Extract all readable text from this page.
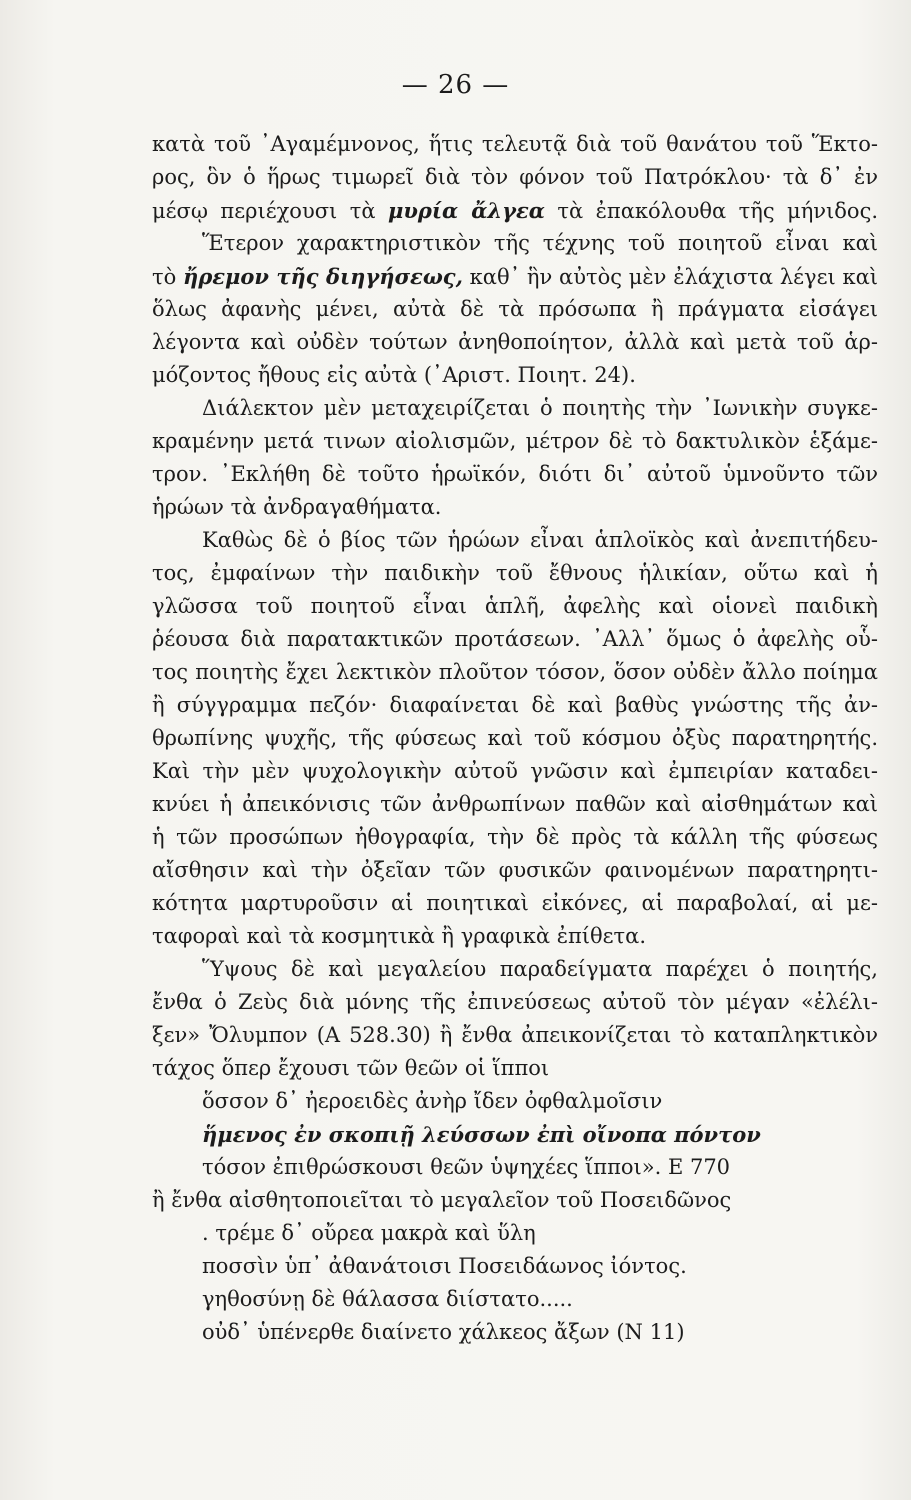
— 26 —
κατὰ τοῦ ᾿Αγαμέμνονος, ἥτις τελευτᾷ διὰ τοῦ θανάτου τοῦ Ἕκτο-
ρος, ὃν ὁ ἥρως τιμωρεῖ διὰ τὸν φόνον τοῦ Πατρόκλου· τὰ δ᾿ ἐν
μέσῳ περιέχουσι τὰ μυρία ἄλγεα τὰ ἐπακόλουθα τῆς μήνιδος.
Ἕτερον χαρακτηριστικὸν τῆς τέχνης τοῦ ποιητοῦ εἶναι καὶ
τὸ ἤρεμον τῆς διηγήσεως, καθ᾿ ἣν αὐτὸς μὲν ἐλάχιστα λέγει καὶ
ὅλως ἀφανὴς μένει, αὐτὰ δὲ τὰ πρόσωπα ἢ πράγματα εἰσάγει
λέγοντα καὶ οὐδὲν τούτων ἀνηθοποίητον, ἀλλὰ καὶ μετὰ τοῦ ἁρ-
μόζοντος ἤθους εἰς αὐτὰ (᾿Αριστ. Ποιητ. 24).
Διάλεκτον μὲν μεταχειρίζεται ὁ ποιητὴς τὴν ᾿Ιωνικὴν συγκε-
κραμένην μετά τινων αἰολισμῶν, μέτρον δὲ τὸ δακτυλικὸν ἑξάμε-
τρον. ᾿Εκλήθη δὲ τοῦτο ἡρωϊκόν, διότι δι᾿ αὐτοῦ ὑμνοῦντο τῶν
ἡρώων τὰ ἀνδραγαθήματα.
Καθὼς δὲ ὁ βίος τῶν ἡρώων εἶναι ἁπλοϊκὸς καὶ ἀνεπιτήδευ-
τος, ἐμφαίνων τὴν παιδικὴν τοῦ ἔθνους ἡλικίαν, οὕτω καὶ ἡ
γλῶσσα τοῦ ποιητοῦ εἶναι ἁπλῆ, ἀφελὴς καὶ οἱονεὶ παιδικὴ
ῥέουσα διὰ παρατακτικῶν προτάσεων. ᾿Αλλ᾿ ὅμως ὁ ἀφελὴς οὗ-
τος ποιητὴς ἔχει λεκτικὸν πλοῦτον τόσον, ὅσον οὐδὲν ἄλλο ποίημα
ἢ σύγγραμμα πεζόν· διαφαίνεται δὲ καὶ βαθὺς γνώστης τῆς ἀν-
θρωπίνης ψυχῆς, τῆς φύσεως καὶ τοῦ κόσμου ὀξὺς παρατηρητής.
Καὶ τὴν μὲν ψυχολογικὴν αὐτοῦ γνῶσιν καὶ ἐμπειρίαν καταδει-
κνύει ἡ ἀπεικόνισις τῶν ἀνθρωπίνων παθῶν καὶ αἰσθημάτων καὶ
ἡ τῶν προσώπων ἠθογραφία, τὴν δὲ πρὸς τὰ κάλλη τῆς φύσεως
αἴσθησιν καὶ τὴν ὀξεῖαν τῶν φυσικῶν φαινομένων παρατηρητι-
κότητα μαρτυροῦσιν αἱ ποιητικαὶ εἰκόνες, αἱ παραβολαί, αἱ με-
ταφοραὶ καὶ τὰ κοσμητικὰ ἢ γραφικὰ ἐπίθετα.
Ὕψους δὲ καὶ μεγαλείου παραδείγματα παρέχει ὁ ποιητής,
ἔνθα ὁ Ζεὺς διὰ μόνης τῆς ἐπινεύσεως αὐτοῦ τὸν μέγαν «ἐλέλι-
ξεν» Ὄλυμπον (Α 528.30) ἢ ἔνθα ἀπεικονίζεται τὸ καταπληκτικὸν
τάχος ὅπερ ἔχουσι τῶν θεῶν οἱ ἵπποι
ὅσσον δ᾿ ἠεροειδὲς ἀνὴρ ἴδεν ὀφθαλμοῖσιν
ἥμενος ἐν σκοπιῇ λεύσσων ἐπὶ οἴνοπα πόντον
τόσον ἐπιθρώσκουσι θεῶν ὑψηχέες ἵπποι». Ε 770
ἢ ἔνθα αἰσθητοποιεῖται τὸ μεγαλεῖον τοῦ Ποσειδῶνος
. τρέμε δ᾿ οὔρεα μακρὰ καὶ ὕλη
ποσσὶν ὑπ᾿ ἀθανάτοισι Ποσειδάωνος ἰόντος.
γηθοσύνῃ δὲ θάλασσα διίστατο.....
οὐδ᾿ ὑπένερθε διαίνετο χάλκεος ἄξων (Ν 11)
